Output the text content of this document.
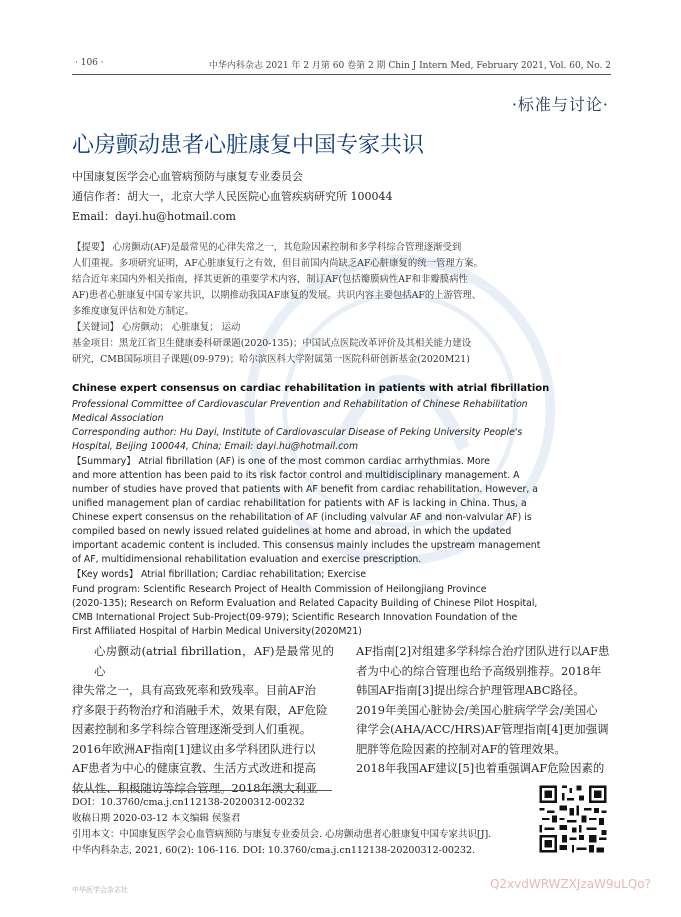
· 106 ·	中华内科杂志 2021 年 2 月第 60 卷第 2 期 Chin J Intern Med, February 2021, Vol. 60, No. 2
·标准与讨论·
心房颤动患者心脏康复中国专家共识
中国康复医学会心血管病预防与康复专业委员会
通信作者：胡大一，北京大学人民医院心血管疾病研究所 100044
Email：dayi.hu@hotmail.com
【提要】 心房颤动(AF)是最常见的心律失常之一，其危险因素控制和多学科综合管理逐渐受到
人们重视。多项研究证明，AF心脏康复行之有效，但目前国内尚缺乏AF心脏康复的统一管理方案。
结合近年来国内外相关指南，择其更新的重要学术内容，制订AF(包括瓣膜病性AF和非瓣膜病性
AF)患者心脏康复中国专家共识，以期推动我国AF康复的发展。共识内容主要包括AF的上游管理、
多维度康复评估和处方制定。
【关键词】 心房颤动； 心脏康复； 运动
基金项目：黑龙江省卫生健康委科研课题(2020-135)；中国试点医院改革评价及其相关能力建设
研究，CMB国际项目子课题(09-979)；哈尔滨医科大学附属第一医院科研创新基金(2020M21)
Chinese expert consensus on cardiac rehabilitation in patients with atrial fibrillation
Professional Committee of Cardiovascular Prevention and Rehabilitation of Chinese Rehabilitation
Medical Association
Corresponding author: Hu Dayi, Institute of Cardiovascular Disease of Peking University People's
Hospital, Beijing 100044, China; Email: dayi.hu@hotmail.com
【Summary】 Atrial fibrillation (AF) is one of the most common cardiac arrhythmias. More
and more attention has been paid to its risk factor control and multidisciplinary management. A
number of studies have proved that patients with AF benefit from cardiac rehabilitation. However, a
unified management plan of cardiac rehabilitation for patients with AF is lacking in China. Thus, a
Chinese expert consensus on the rehabilitation of AF (including valvular AF and non-valvular AF) is
compiled based on newly issued related guidelines at home and abroad, in which the updated
important academic content is included. This consensus mainly includes the upstream management
of AF, multidimensional rehabilitation evaluation and exercise prescription.
【Key words】 Atrial fibrillation; Cardiac rehabilitation; Exercise
Fund program: Scientific Research Project of Health Commission of Heilongjiang Province
(2020-135); Research on Reform Evaluation and Related Capacity Building of Chinese Pilot Hospital,
CMB International Project Sub-Project(09-979); Scientific Research Innovation Foundation of the
First Affiliated Hospital of Harbin Medical University(2020M21)
心房颤动(atrial fibrillation，AF)是最常见的心
律失常之一，具有高致死率和致残率。目前AF治
疗多限于药物治疗和消融手术，效果有限，AF危险
因素控制和多学科综合管理逐渐受到人们重视。
2016年欧洲AF指南[1]建议由多学科团队进行以
AF患者为中心的健康宣教、生活方式改进和提高
依从性、积极随访等综合管理。2018年澳大利亚
AF指南[2]对组建多学科综合治疗团队进行以AF患
者为中心的综合管理也给予高级别推荐。2018年
韩国AF指南[3]提出综合护理管理ABC路径。
2019年美国心脏协会/美国心脏病学学会/美国心
律学会(AHA/ACC/HRS)AF管理指南[4]更加强调
肥胖等危险因素的控制对AF的管理效果。
2018年我国AF建议[5]也着重强调AF危险因素的
DOI：10.3760/cma.j.cn112138-20200312-00232
收稿日期 2020-03-12 本文编辑 侯鉴君
引用本文：中国康复医学会心血管病预防与康复专业委员会. 心房颤动患者心脏康复中国专家共识[J].
中华内科杂志, 2021, 60(2): 106-116. DOI: 10.3760/cma.j.cn112138-20200312-00232.
中华医学会杂志社	Q2xvdWRWZXJzaW9uLQo?
